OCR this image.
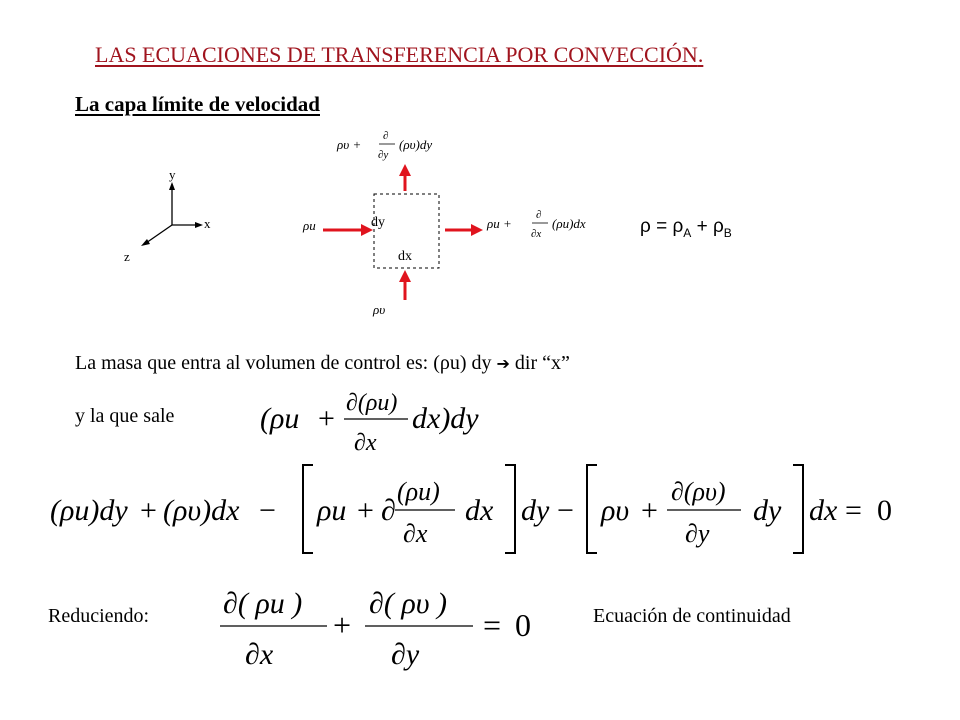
LAS ECUACIONES DE TRANSFERENCIA POR CONVECCIÓN.
La capa límite de velocidad
y
x
z
dy
dx
ρυ +
∂
∂y
(ρυ)dy
ρu +
∂
∂x
(ρu)dx
ρu
ρυ
$\rho = \rho_A + \rho_B$
La masa que entra al volumen de control es: (ρu) dy ➔ dir “x”
y la que sale	(ρu + ∂(ρu)
∂x
dx)dy
(ρu)dy + (ρυ)dx − ρu + ∂
(ρu)
∂x
dx dy − ρυ +
∂(ρυ)
∂y
dy dx = 0
Reduciendo: ∂( ρu )
∂x
+
∂( ρυ )
∂y
= 0	Ecuación de continuidad
